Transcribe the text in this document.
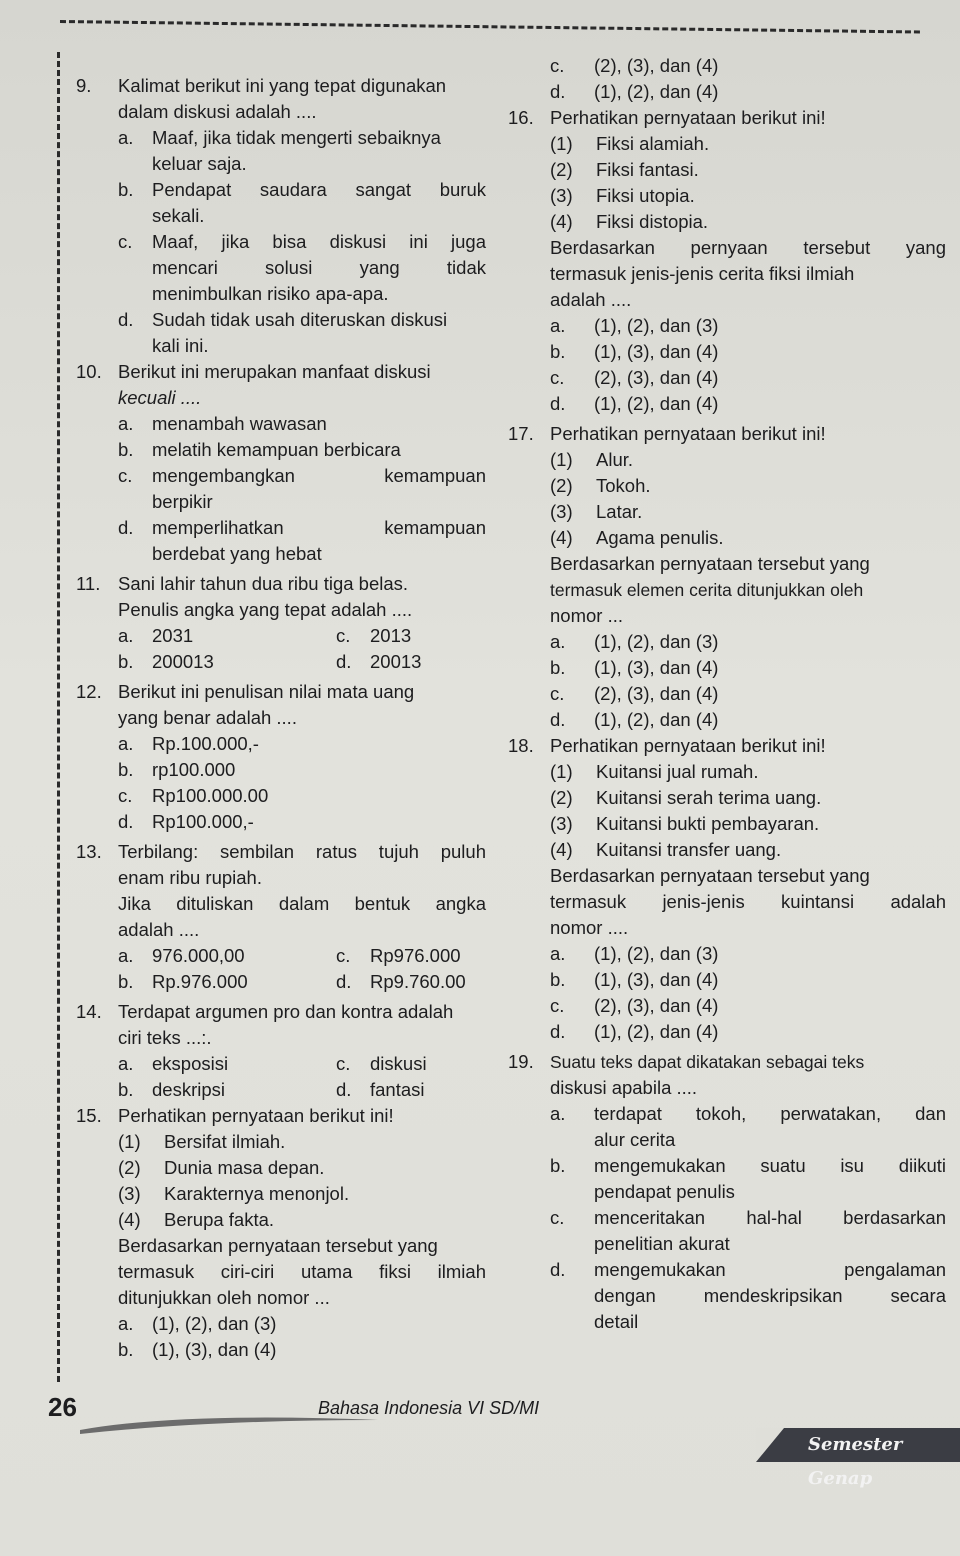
9.	Kalimat berikut ini yang tepat digunakan
dalam diskusi adalah ....
a.	Maaf, jika tidak mengerti sebaiknya
keluar saja.
b.	Pendapat saudara sangat buruk
sekali.
c.	Maaf, jika bisa diskusi ini juga
mencari solusi yang tidak
menimbulkan risiko apa-apa.
d.	Sudah tidak usah diteruskan diskusi
kali ini.
10. Berikut ini merupakan manfaat diskusi
kecuali ....
a.	menambah wawasan
b.	melatih kemampuan berbicara
c.	mengembangkan kemampuan
berpikir
d.	memperlihatkan kemampuan
berdebat yang hebat
11. Sani lahir tahun dua ribu tiga belas.
Penulis angka yang tepat adalah ....
a.	2031	c.	2013
b.	200013	d.	20013
12. Berikut ini penulisan nilai mata uang
yang benar adalah ....
a.	Rp.100.000,-
b.	rp100.000
c.	Rp100.000.00
d.	Rp100.000,-
13. Terbilang: sembilan ratus tujuh puluh
enam ribu rupiah.
Jika dituliskan dalam bentuk angka
adalah ....
a.	976.000,00	c.	Rp976.000
b.	Rp.976.000	d.	Rp9.760.00
14. Terdapat argumen pro dan kontra adalah
ciri teks ...:.
a.	eksposisi	c.	diskusi
b.	deskripsi	d.	fantasi
15. Perhatikan pernyataan berikut ini!
(1)	Bersifat ilmiah.
(2)	Dunia masa depan.
(3)	Karakternya menonjol.
(4)	Berupa fakta.
Berdasarkan pernyataan tersebut yang
termasuk ciri-ciri utama fiksi ilmiah
ditunjukkan oleh nomor ...
a.	(1), (2), dan (3)
b.	(1), (3), dan (4)
c.	(2), (3), dan (4)
d.	(1), (2), dan (4)
16. Perhatikan pernyataan berikut ini!
(1)	Fiksi alamiah.
(2)	Fiksi fantasi.
(3)	Fiksi utopia.
(4)	Fiksi distopia.
Berdasarkan pernyaan tersebut yang
termasuk jenis-jenis cerita fiksi ilmiah
adalah ....
a.	(1), (2), dan (3)
b.	(1), (3), dan (4)
c.	(2), (3), dan (4)
d.	(1), (2), dan (4)
17. Perhatikan pernyataan berikut ini!
(1)	Alur.
(2)	Tokoh.
(3)	Latar.
(4)	Agama penulis.
Berdasarkan pernyataan tersebut yang
termasuk elemen cerita ditunjukkan oleh
nomor ...
a.	(1), (2), dan (3)
b.	(1), (3), dan (4)
c.	(2), (3), dan (4)
d.	(1), (2), dan (4)
18. Perhatikan pernyataan berikut ini!
(1)	Kuitansi jual rumah.
(2)	Kuitansi serah terima uang.
(3)	Kuitansi bukti pembayaran.
(4)	Kuitansi transfer uang.
Berdasarkan pernyataan tersebut yang
termasuk jenis-jenis kuintansi adalah
nomor ....
a.	(1), (2), dan (3)
b.	(1), (3), dan (4)
c.	(2), (3), dan (4)
d.	(1), (2), dan (4)
19. Suatu teks dapat dikatakan sebagai teks
diskusi apabila ....
a.	terdapat tokoh, perwatakan, dan
alur cerita
b.	mengemukakan suatu isu diikuti
pendapat penulis
c.	menceritakan hal-hal berdasarkan
penelitian akurat
d.	mengemukakan pengalaman
dengan mendeskripsikan secara
detail
26	Bahasa Indonesia VI SD/MI
Semester Genap
